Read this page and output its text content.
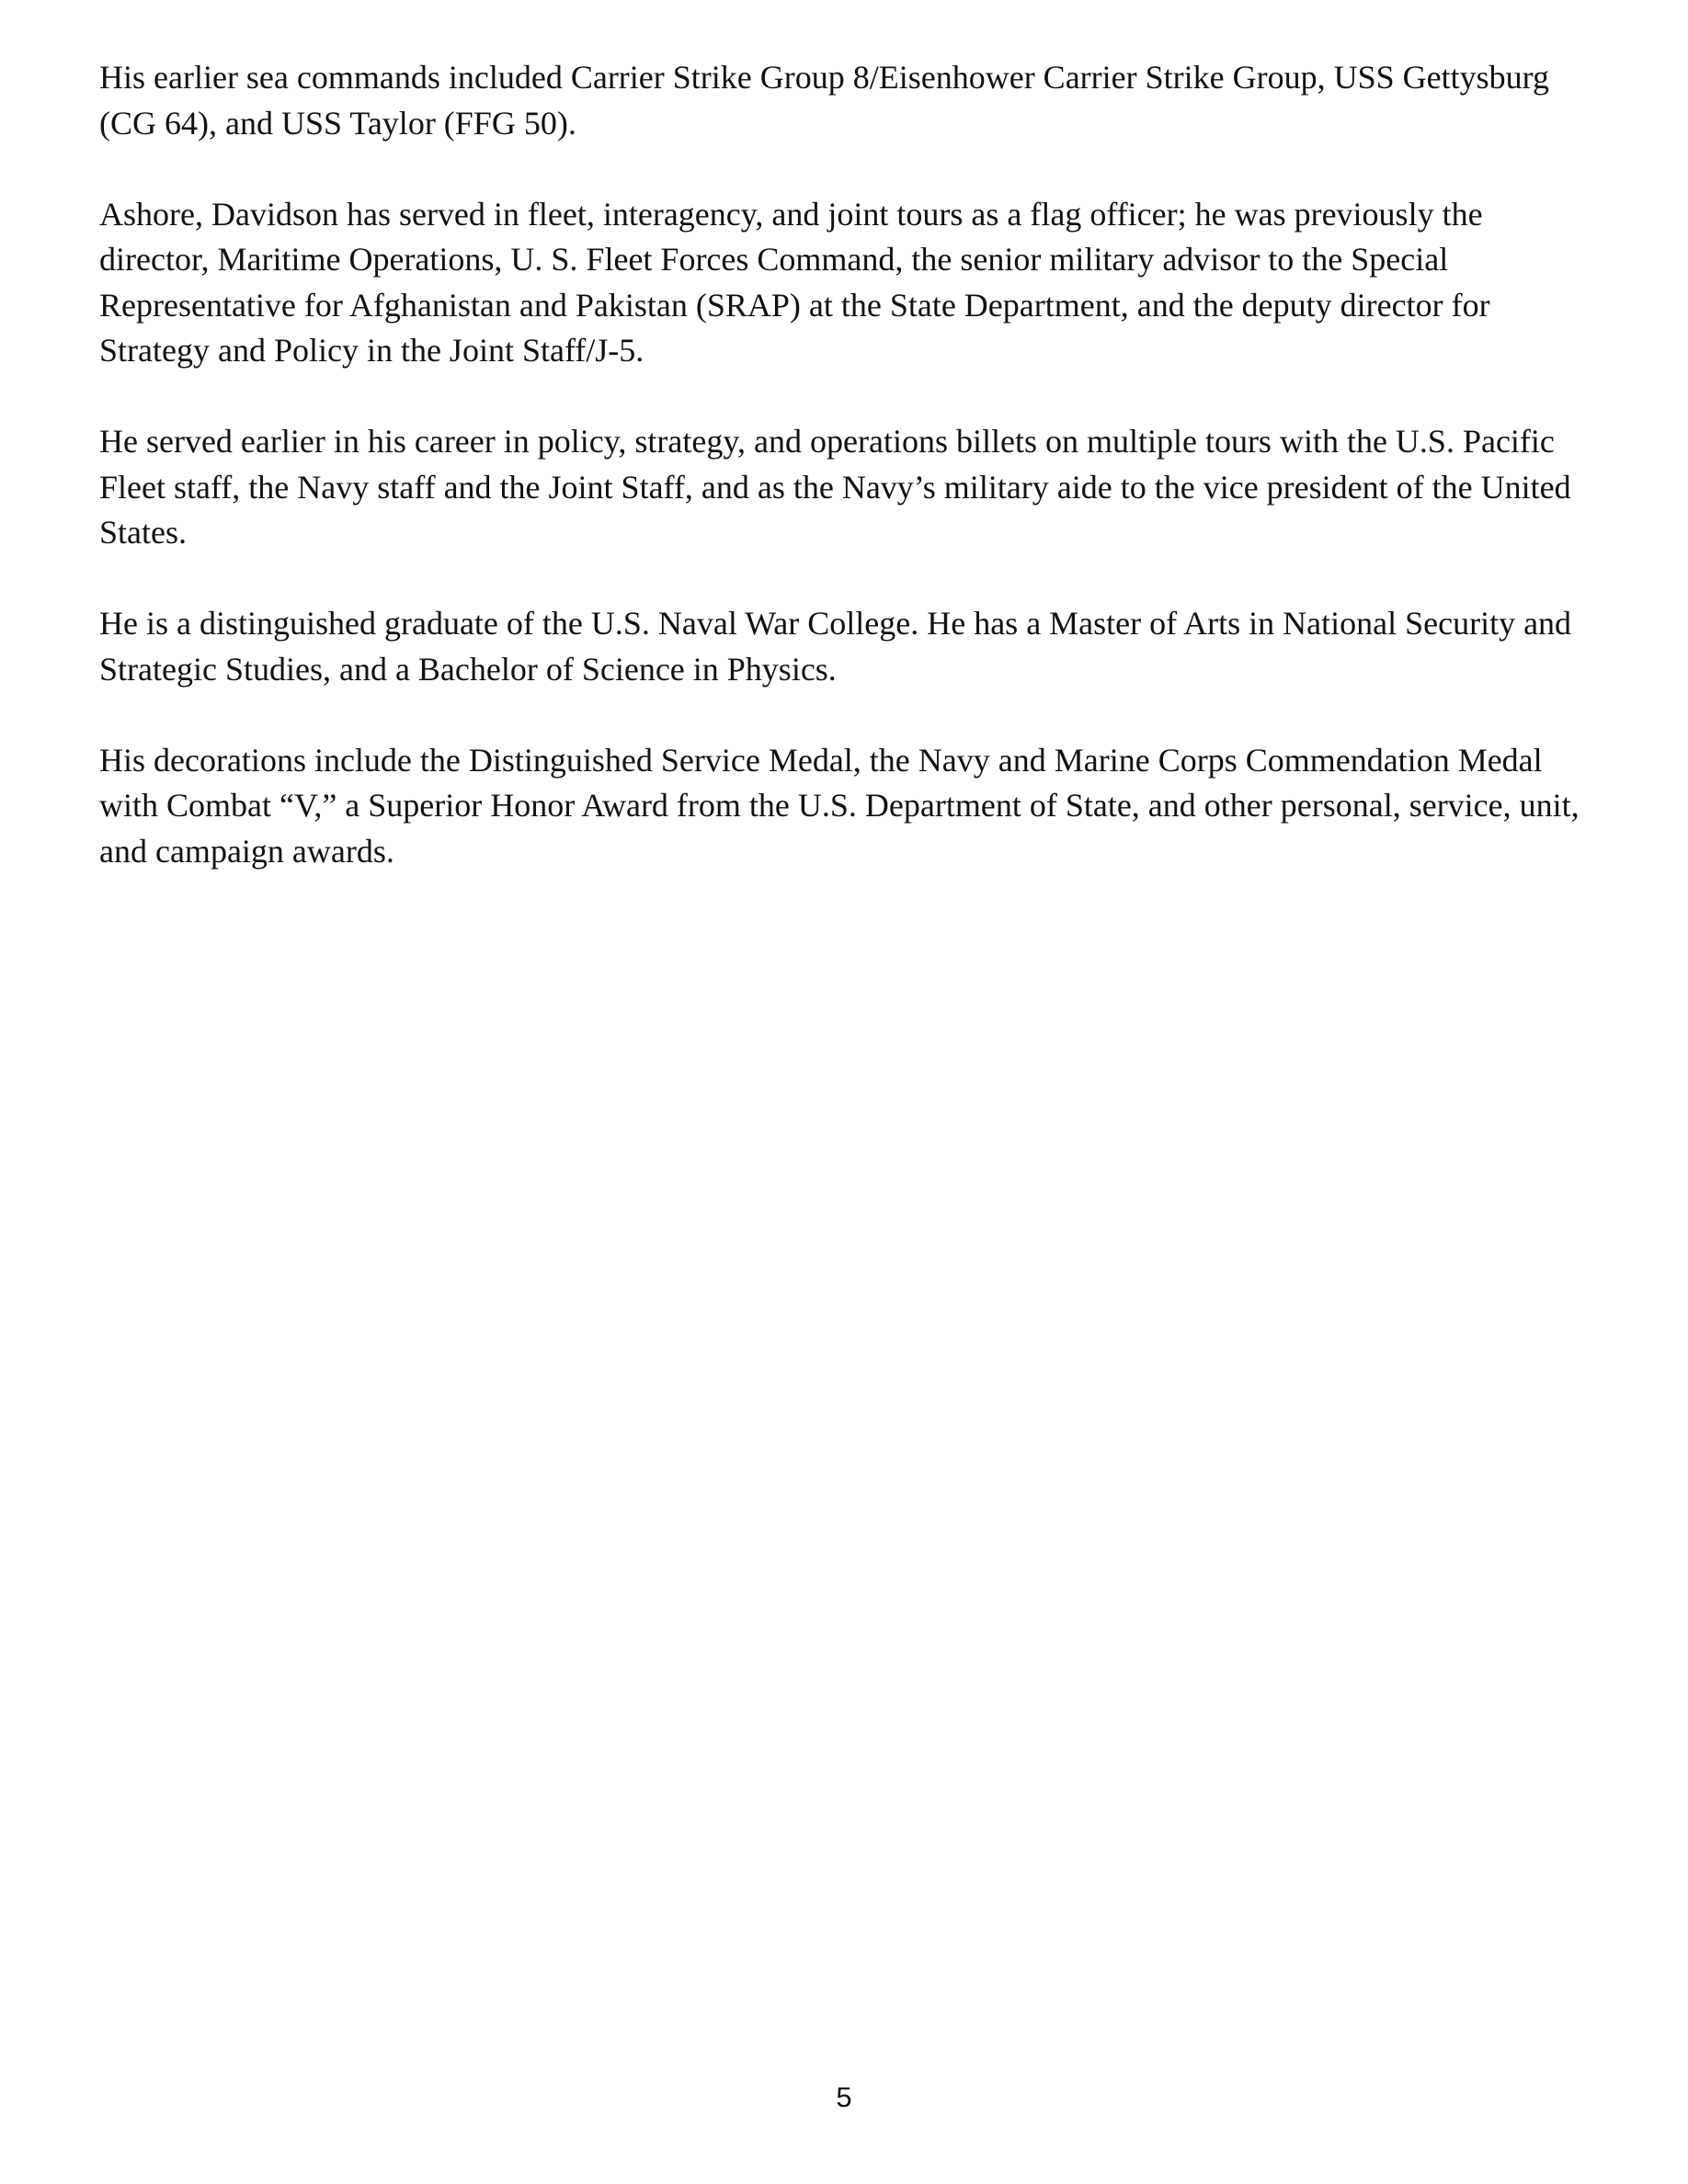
His earlier sea commands included Carrier Strike Group 8/Eisenhower Carrier Strike Group, USS Gettysburg (CG 64), and USS Taylor (FFG 50).

Ashore, Davidson has served in fleet, interagency, and joint tours as a flag officer; he was previously the director, Maritime Operations, U. S. Fleet Forces Command, the senior military advisor to the Special Representative for Afghanistan and Pakistan (SRAP) at the State Department, and the deputy director for Strategy and Policy in the Joint Staff/J-5.

He served earlier in his career in policy, strategy, and operations billets on multiple tours with the U.S. Pacific Fleet staff, the Navy staff and the Joint Staff, and as the Navy’s military aide to the vice president of the United States.

He is a distinguished graduate of the U.S. Naval War College. He has a Master of Arts in National Security and Strategic Studies, and a Bachelor of Science in Physics.

His decorations include the Distinguished Service Medal, the Navy and Marine Corps Commendation Medal with Combat “V,” a Superior Honor Award from the U.S. Department of State, and other personal, service, unit, and campaign awards.

5
